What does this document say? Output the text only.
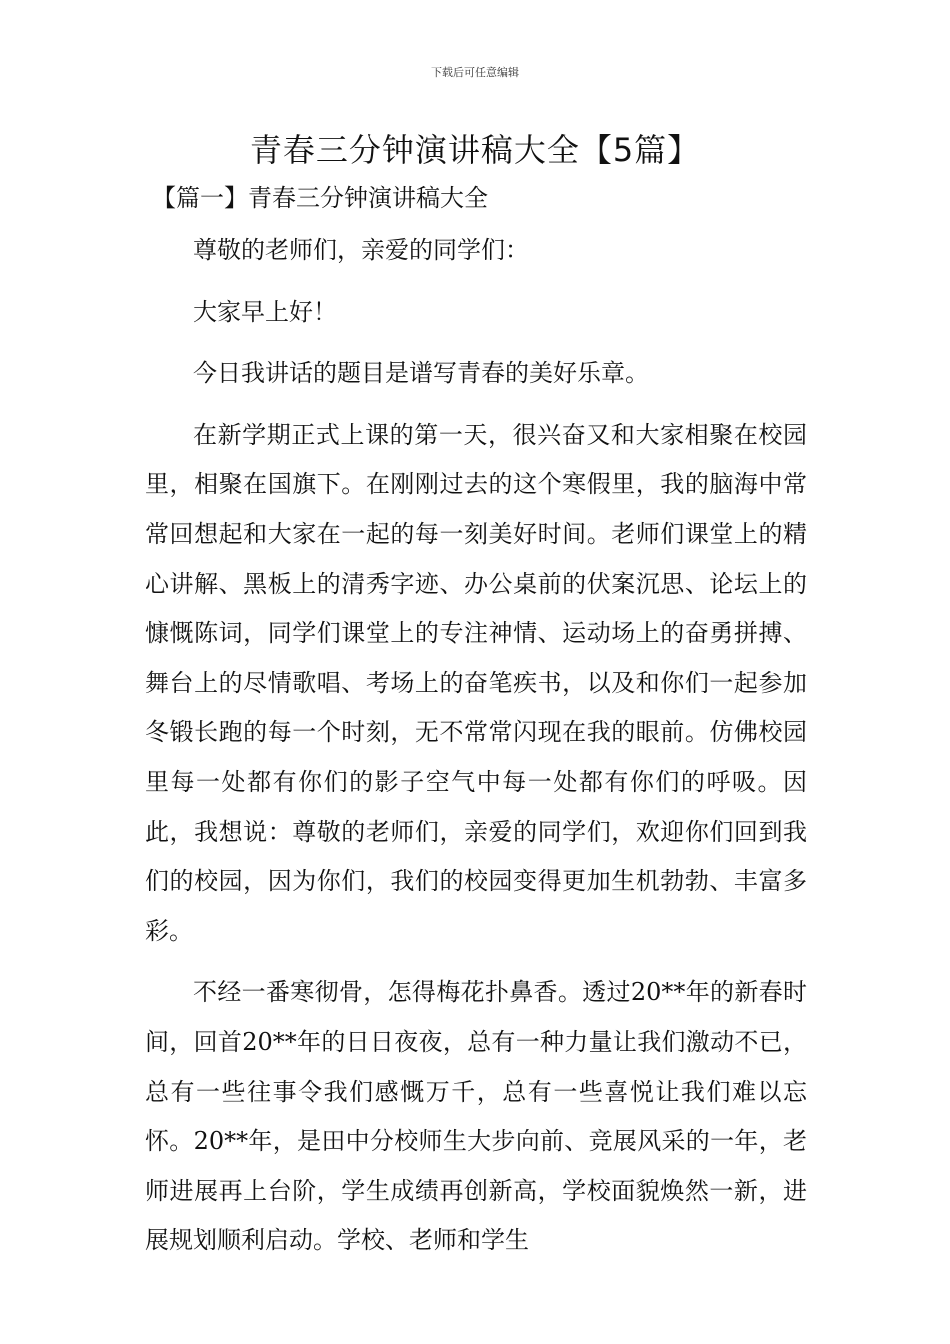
下载后可任意编辑
青春三分钟演讲稿大全【5篇】
【篇一】青春三分钟演讲稿大全

尊敬的老师们，亲爱的同学们：

大家早上好！

今日我讲话的题目是谱写青春的美好乐章。

在新学期正式上课的第一天，很兴奋又和大家相聚在校园里，相聚在国旗下。在刚刚过去的这个寒假里，我的脑海中常常回想起和大家在一起的每一刻美好时间。老师们课堂上的精心讲解、黑板上的清秀字迹、办公桌前的伏案沉思、论坛上的慷慨陈词，同学们课堂上的专注神情、运动场上的奋勇拼搏、舞台上的尽情歌唱、考场上的奋笔疾书，以及和你们一起参加冬锻长跑的每一个时刻，无不常常闪现在我的眼前。仿佛校园里每一处都有你们的影子空气中每一处都有你们的呼吸。因此，我想说：尊敬的老师们，亲爱的同学们，欢迎你们回到我们的校园，因为你们，我们的校园变得更加生机勃勃、丰富多彩。

不经一番寒彻骨，怎得梅花扑鼻香。透过20**年的新春时间，回首20**年的日日夜夜，总有一种力量让我们激动不已，总有一些往事令我们感慨万千，总有一些喜悦让我们难以忘怀。20**年，是田中分校师生大步向前、竞展风采的一年，老师进展再上台阶，学生成绩再创新高，学校面貌焕然一新，进展规划顺利启动。学校、老师和学生
